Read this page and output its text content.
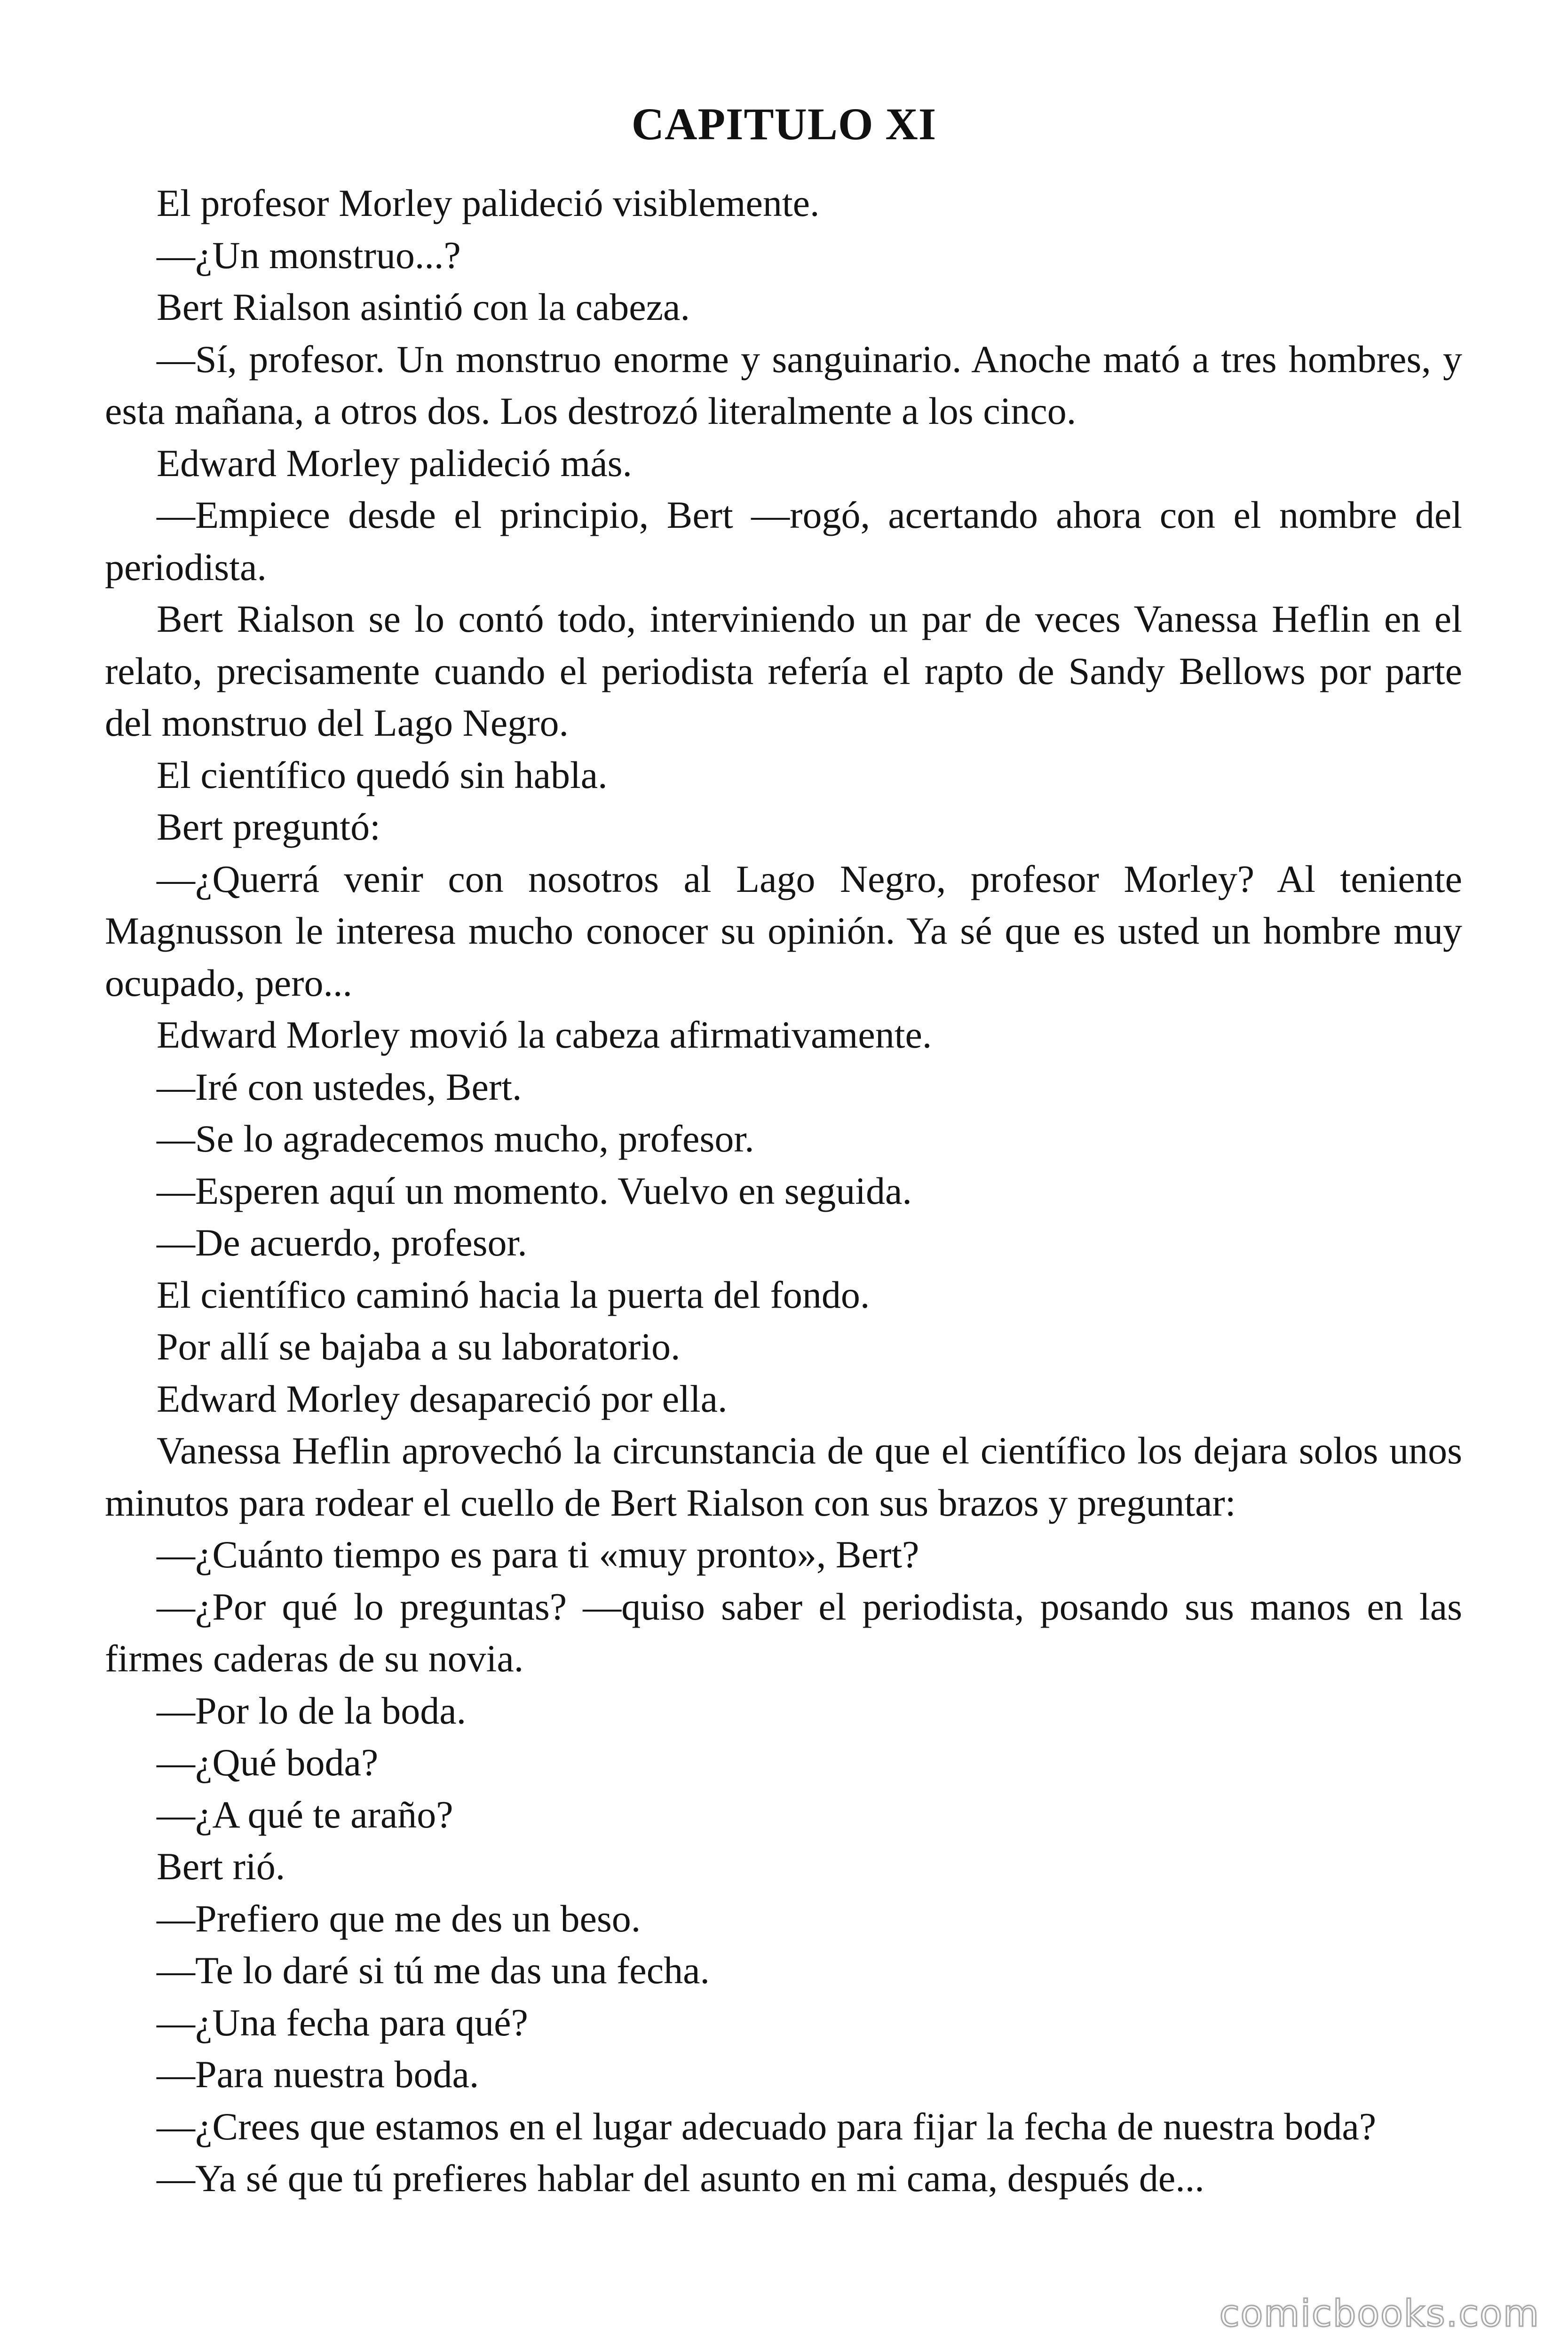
CAPITULO XI

El profesor Morley palideció visiblemente.

—¿Un monstruo...?

Bert Rialson asintió con la cabeza.

—Sí, profesor. Un monstruo enorme y sanguinario. Anoche mató a tres hombres, y esta mañana, a otros dos. Los destrozó literalmente a los cinco.

Edward Morley palideció más.

—Empiece desde el principio, Bert —rogó, acertando ahora con el nombre del periodista.

Bert Rialson se lo contó todo, interviniendo un par de veces Vanessa Heflin en el relato, precisamente cuando el periodista refería el rapto de Sandy Bellows por parte del monstruo del Lago Negro.

El científico quedó sin habla.

Bert preguntó:

—¿Querrá venir con nosotros al Lago Negro, profesor Morley? Al teniente Magnusson le interesa mucho conocer su opinión. Ya sé que es usted un hombre muy ocupado, pero...

Edward Morley movió la cabeza afirmativamente.

—Iré con ustedes, Bert.

—Se lo agradecemos mucho, profesor.

—Esperen aquí un momento. Vuelvo en seguida.

—De acuerdo, profesor.

El científico caminó hacia la puerta del fondo.

Por allí se bajaba a su laboratorio.

Edward Morley desapareció por ella.

Vanessa Heflin aprovechó la circunstancia de que el científico los dejara solos unos minutos para rodear el cuello de Bert Rialson con sus brazos y preguntar:

—¿Cuánto tiempo es para ti «muy pronto», Bert?

—¿Por qué lo preguntas? —quiso saber el periodista, posando sus manos en las firmes caderas de su novia.

—Por lo de la boda.

—¿Qué boda?

—¿A qué te araño?

Bert rió.

—Prefiero que me des un beso.

—Te lo daré si tú me das una fecha.

—¿Una fecha para qué?

—Para nuestra boda.

—¿Crees que estamos en el lugar adecuado para fijar la fecha de nuestra boda?

—Ya sé que tú prefieres hablar del asunto en mi cama, después de...

comicbooks.com
